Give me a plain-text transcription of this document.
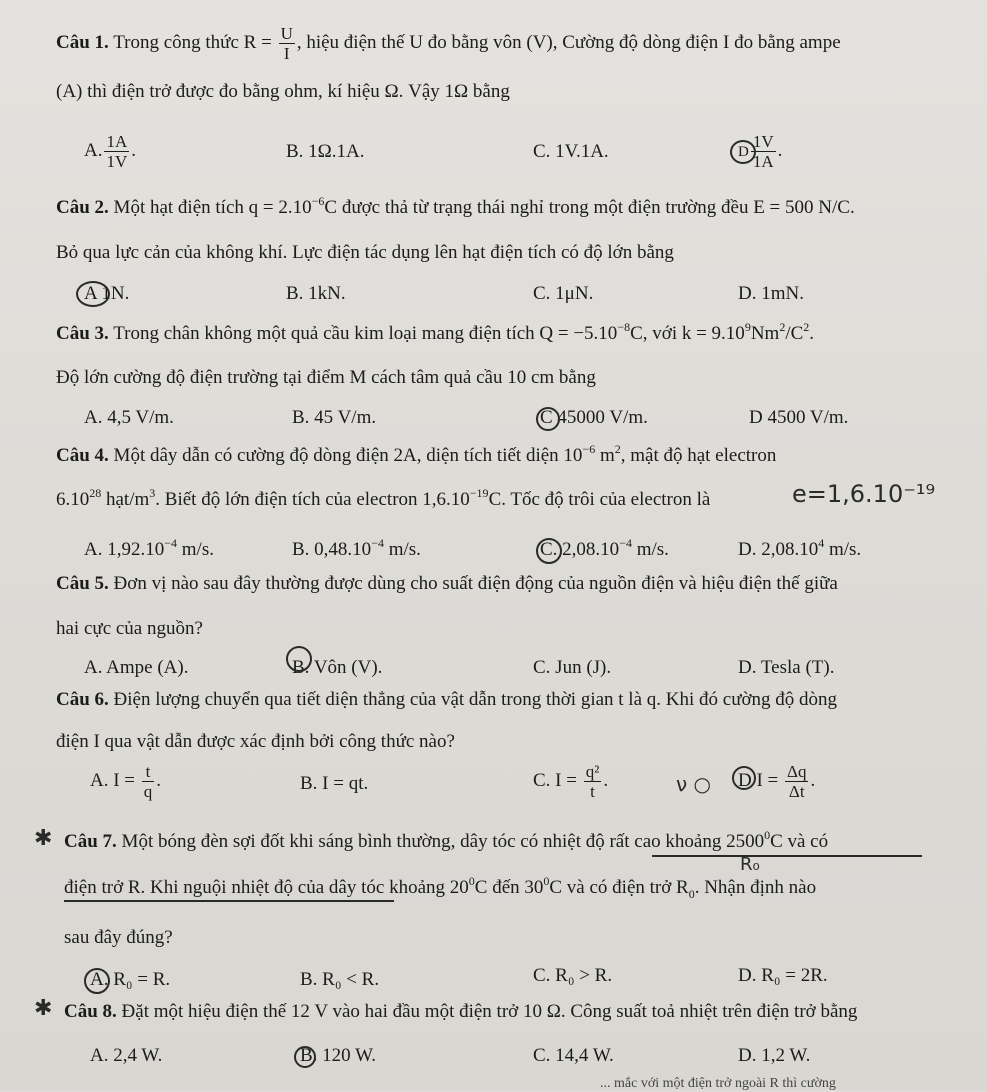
Câu 1. Trong công thức $R = \frac{U}{I}$ , hiệu điện thế U đo bằng vôn (V), Cường độ dòng điện I đo bằng ampe
(A) thì điện trở được đo bằng ohm, kí hiệu Ω. Vậy 1Ω bằng
A. $\frac{1A}{1V}$ .	B. 1Ω.1A.	C. 1V.1A.	D $\frac{1V}{1A}$ .
Câu 2. Một hạt điện tích $q = 2.10^{-6}C$ được thả từ trạng thái nghỉ trong một điện trường đều E = 500 N/C.
Bỏ qua lực cản của không khí. Lực điện tác dụng lên hạt điện tích có độ lớn bằng
A 1N.	B. 1kN.	C. 1μN.	D. 1mN.
Câu 3. Trong chân không một quả cầu kim loại mang điện tích $Q = -5.10^{-8}C$, với $k = 9.10^9Nm^2/C^2$.
Độ lớn cường độ điện trường tại điểm M cách tâm quả cầu 10 cm bằng
A. 4,5 V/m.	B. 45 V/m.	C 45000 V/m.	D 4500 V/m.
Câu 4. Một dây dẫn có cường độ dòng điện 2A, diện tích tiết diện $10^{-6}$ $m^2$, mật độ hạt electron
6.10$^{28}$ hạt/$m^3$. Biết độ lớn điện tích của electron $1,6.10^{-19}C$. Tốc độ trôi của electron là	e=1,6.10⁻¹⁹
A. $1,92.10^{-4}$ m/s.	B. $0,48.10^{-4}$ m/s.	C. $2,08.10^{-4}$ m/s.	D. 2,08.10$^4$ m/s.
Câu 5. Đơn vị nào sau đây thường được dùng cho suất điện động của nguồn điện và hiệu điện thế giữa
hai cực của nguồn?
A. Ampe (A).	B. Vôn (V).	C. Jun (J).	D. Tesla (T).
Câu 6. Điện lượng chuyển qua tiết diện thẳng của vật dẫn trong thời gian t là q. Khi đó cường độ dòng
điện I qua vật dẫn được xác định bởi công thức nào?
A. $I = \frac{t}{q}$ .	B. I = qt.	C. $I = \frac{\text{q²}}{t}$ .	ν ○ D $I = \frac{\Delta q}{\Delta t}$ .
✱ Câu 7. Một bóng đèn sợi đốt khi sáng bình thường, dây tóc có nhiệt độ rất cao khoảng 2500$^0$C và có
điện trở R. Khi nguội nhiệt độ của dây tóc khoảng $20^0C$ đến $30^0C$ và có điện trở $R_0$. Nhận định nào
R₀
sau đây đúng?
A. R₀ = R.	B. R₀ < R.	C. R₀ > R.	D. R₀ = 2R.
✱ Câu 8. Đặt một hiệu điện thế 12 V vào hai đầu một điện trở 10 Ω. Công suất toả nhiệt trên điện trở bằng
A. 2,4 W.	B. 120 W.	C. 14,4 W.	D. 1,2 W.
... mắc với một điện trở ngoài R thì cường
